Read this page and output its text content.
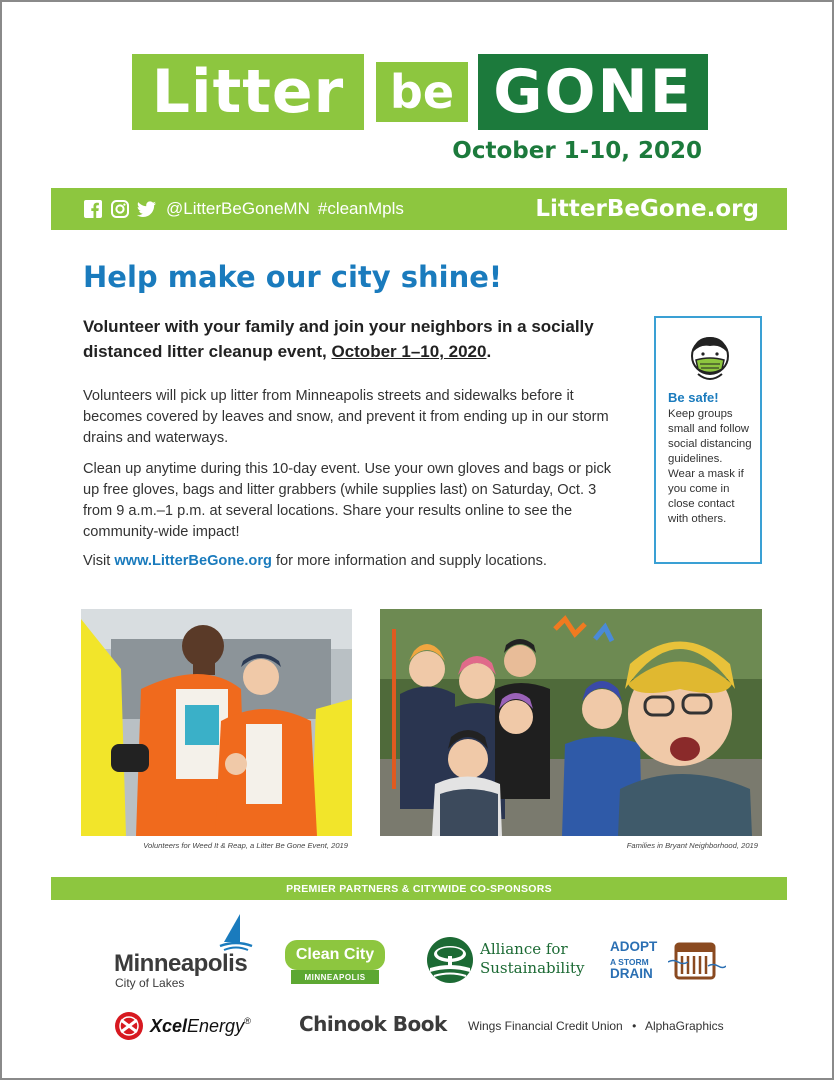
Litter be GONE
October 1-10, 2020
@LitterBeGoneMN #cleanMpls	LitterBeGone.org
Help make our city shine!
Volunteer with your family and join your neighbors in a socially distanced litter cleanup event, October 1–10, 2020.
Volunteers will pick up litter from Minneapolis streets and sidewalks before it becomes covered by leaves and snow, and prevent it from ending up in our storm drains and waterways.
Clean up anytime during this 10-day event. Use your own gloves and bags or pick up free gloves, bags and litter grabbers (while supplies last) on Saturday, Oct. 3 from 9 a.m.–1 p.m. at several locations. Share your results online to see the community-wide impact!
Visit www.LitterBeGone.org for more information and supply locations.
Be safe!
Keep groups small and follow social distancing guidelines. Wear a mask if you come in close contact with others.
Volunteers for Weed It & Reap, a Litter Be Gone Event, 2019	Families in Bryant Neighborhood, 2019
PREMIER PARTNERS & CITYWIDE CO-SPONSORS
Minneapolis
City of Lakes
Clean City
MINNEAPOLIS
Alliance for
Sustainability
ADOPT
A STORM
DRAIN
XcelEnergy® Chinook Book Wings Financial Credit Union • AlphaGraphics
